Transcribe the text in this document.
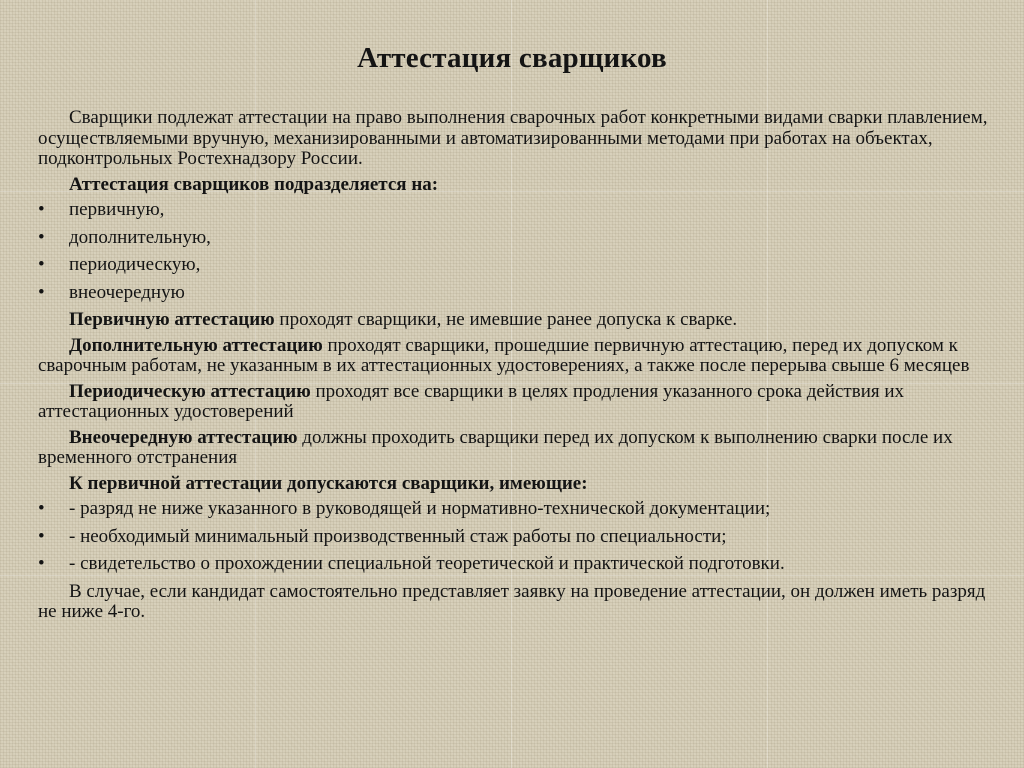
Аттестация сварщиков

Сварщики подлежат аттестации на право выполнения сварочных работ конкретными видами сварки плавлением, осуществляемыми вручную, механизированными и автоматизированными методами при работах на объектах, подконтрольных Ростехнадзору России.

Аттестация сварщиков подразделяется на:

•	первичную,
•	дополнительную,
•	периодическую,
•	внеочередную

Первичную аттестацию проходят сварщики, не имевшие ранее допуска к сварке.

Дополнительную аттестацию проходят сварщики, прошедшие первичную аттестацию, перед их допуском к сварочным работам, не указанным в их аттестационных удостоверениях, а также после перерыва свыше 6 месяцев

Периодическую аттестацию проходят все сварщики в целях продления указанного срока действия их аттестационных удостоверений

Внеочередную аттестацию должны проходить сварщики перед их допуском к выполнению сварки после их временного отстранения

К первичной аттестации допускаются сварщики, имеющие:

•	- разряд не ниже указанного в руководящей и нормативно-технической документации;
•	- необходимый минимальный производственный стаж работы по специальности;
•	- свидетельство о прохождении специальной теоретической и практической подготовки.

В случае, если кандидат самостоятельно представляет заявку на проведение аттестации, он должен иметь разряд не ниже 4-го.
